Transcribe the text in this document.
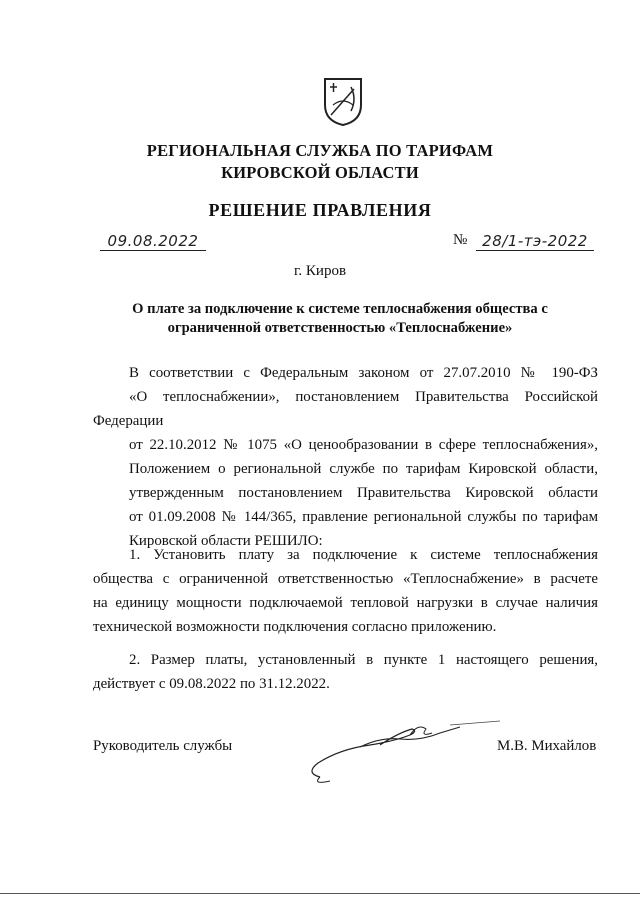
РЕГИОНАЛЬНАЯ СЛУЖБА ПО ТАРИФАМ
КИРОВСКОЙ ОБЛАСТИ
РЕШЕНИЕ ПРАВЛЕНИЯ
09.08.2022	№ 28/1-тэ-2022
г. Киров
О плате за подключение к системе теплоснабжения общества с
ограниченной ответственностью «Теплоснабжение»
В соответствии с Федеральным законом от 27.07.2010 № 190-ФЗ
«О теплоснабжении», постановлением Правительства Российской Федерации
от 22.10.2012 № 1075 «О ценообразовании в сфере теплоснабжения»,
Положением о региональной службе по тарифам Кировской области,
утвержденным постановлением Правительства Кировской области
от 01.09.2008 № 144/365, правление региональной службы по тарифам
Кировской области РЕШИЛО:
1. Установить плату за подключение к системе теплоснабжения
общества с ограниченной ответственностью «Теплоснабжение» в расчете
на единицу мощности подключаемой тепловой нагрузки в случае наличия
технической возможности подключения согласно приложению.
2. Размер платы, установленный в пункте 1 настоящего решения,
действует с 09.08.2022 по 31.12.2022.
Руководитель службы	М.В. Михайлов
